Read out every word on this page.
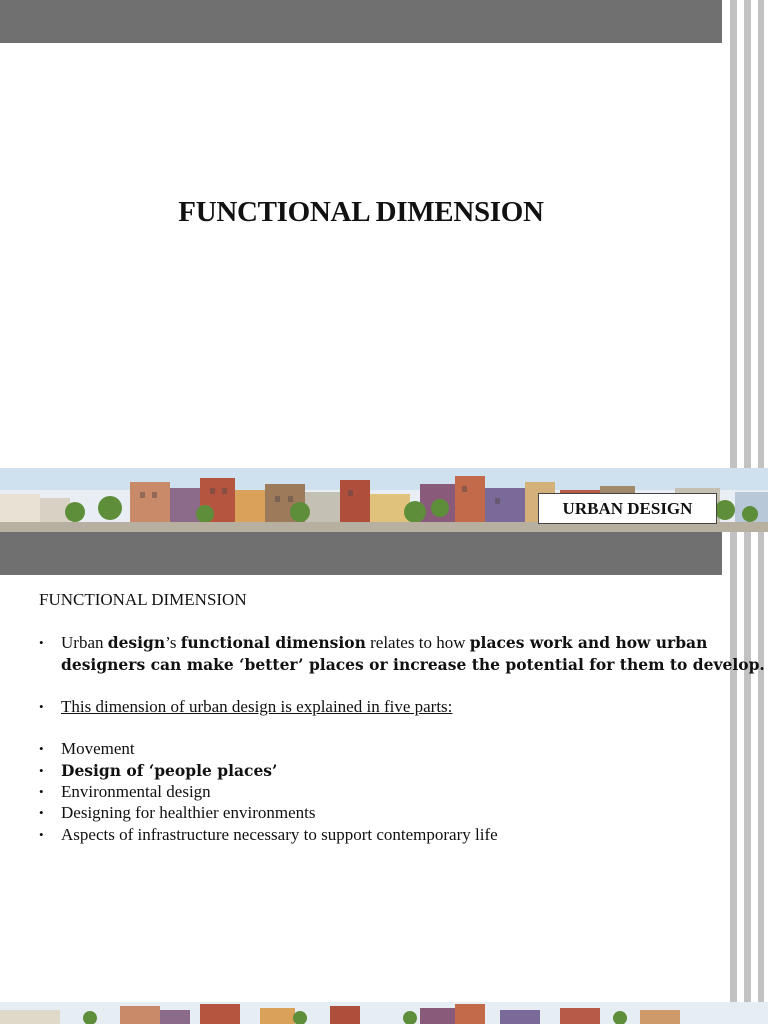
FUNCTIONAL DIMENSION
URBAN DESIGN
FUNCTIONAL DIMENSION
•	Urban design’s functional dimension relates to how places work and how urban
designers can make ‘better’ places or increase the potential for them to develop.
•	This dimension of urban design is explained in five parts:
•	Movement
•	Design of ‘people places’
•	Environmental design
•	Designing for healthier environments
•	Aspects of infrastructure necessary to support contemporary life
